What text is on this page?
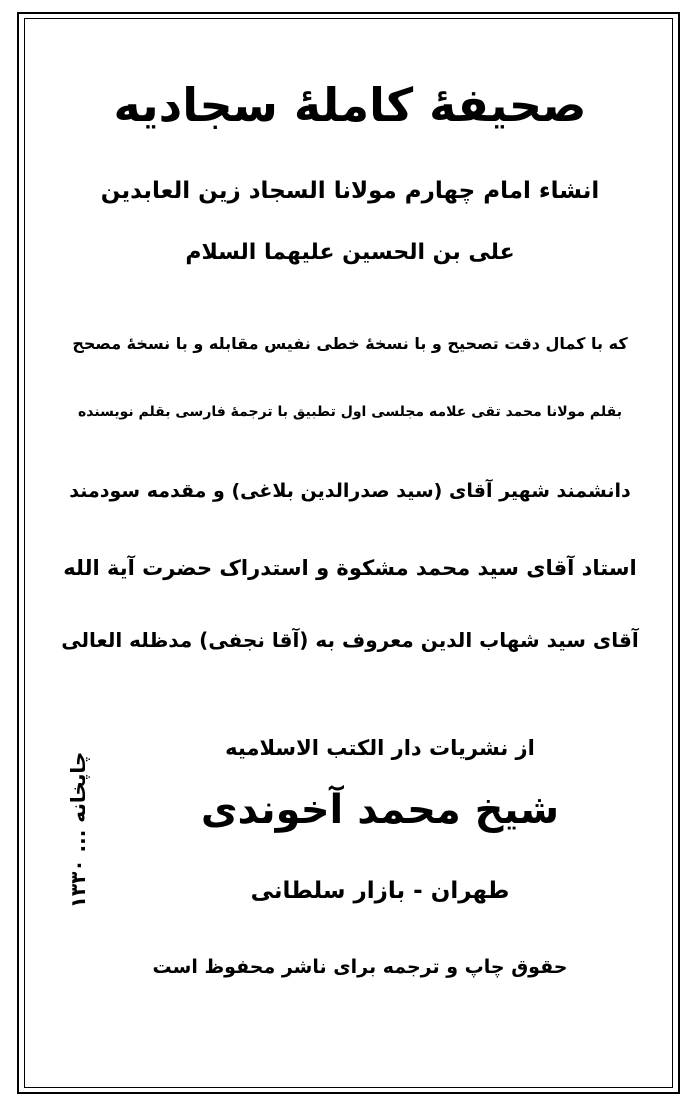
صحیفهٔ کاملهٔ سجادیه
انشاء امام چهارم مولانا السجاد زین العابدین
علی بن الحسین علیهما السلام
که با کمال دقت تصحیح و با نسخهٔ خطی نفیس مقابله و با نسخهٔ مصحح
بقلم مولانا محمد تقی علامه مجلسی اول تطبیق با ترجمهٔ فارسی بقلم نویسنده
دانشمند شهیر آقای (سید صدرالدین بلاغی) و مقدمه سودمند
استاد آقای سید محمد مشکوة و استدراک حضرت آیة الله
آقای سید شهاب الدین معروف به (آقا نجفی) مدظله العالی
از نشریات دار الکتب الاسلامیه
شیخ محمد آخوندی
طهران - بازار سلطانی
حقوق چاپ و ترجمه برای ناشر محفوظ است
چاپخانه ... ۱۳۳۰
